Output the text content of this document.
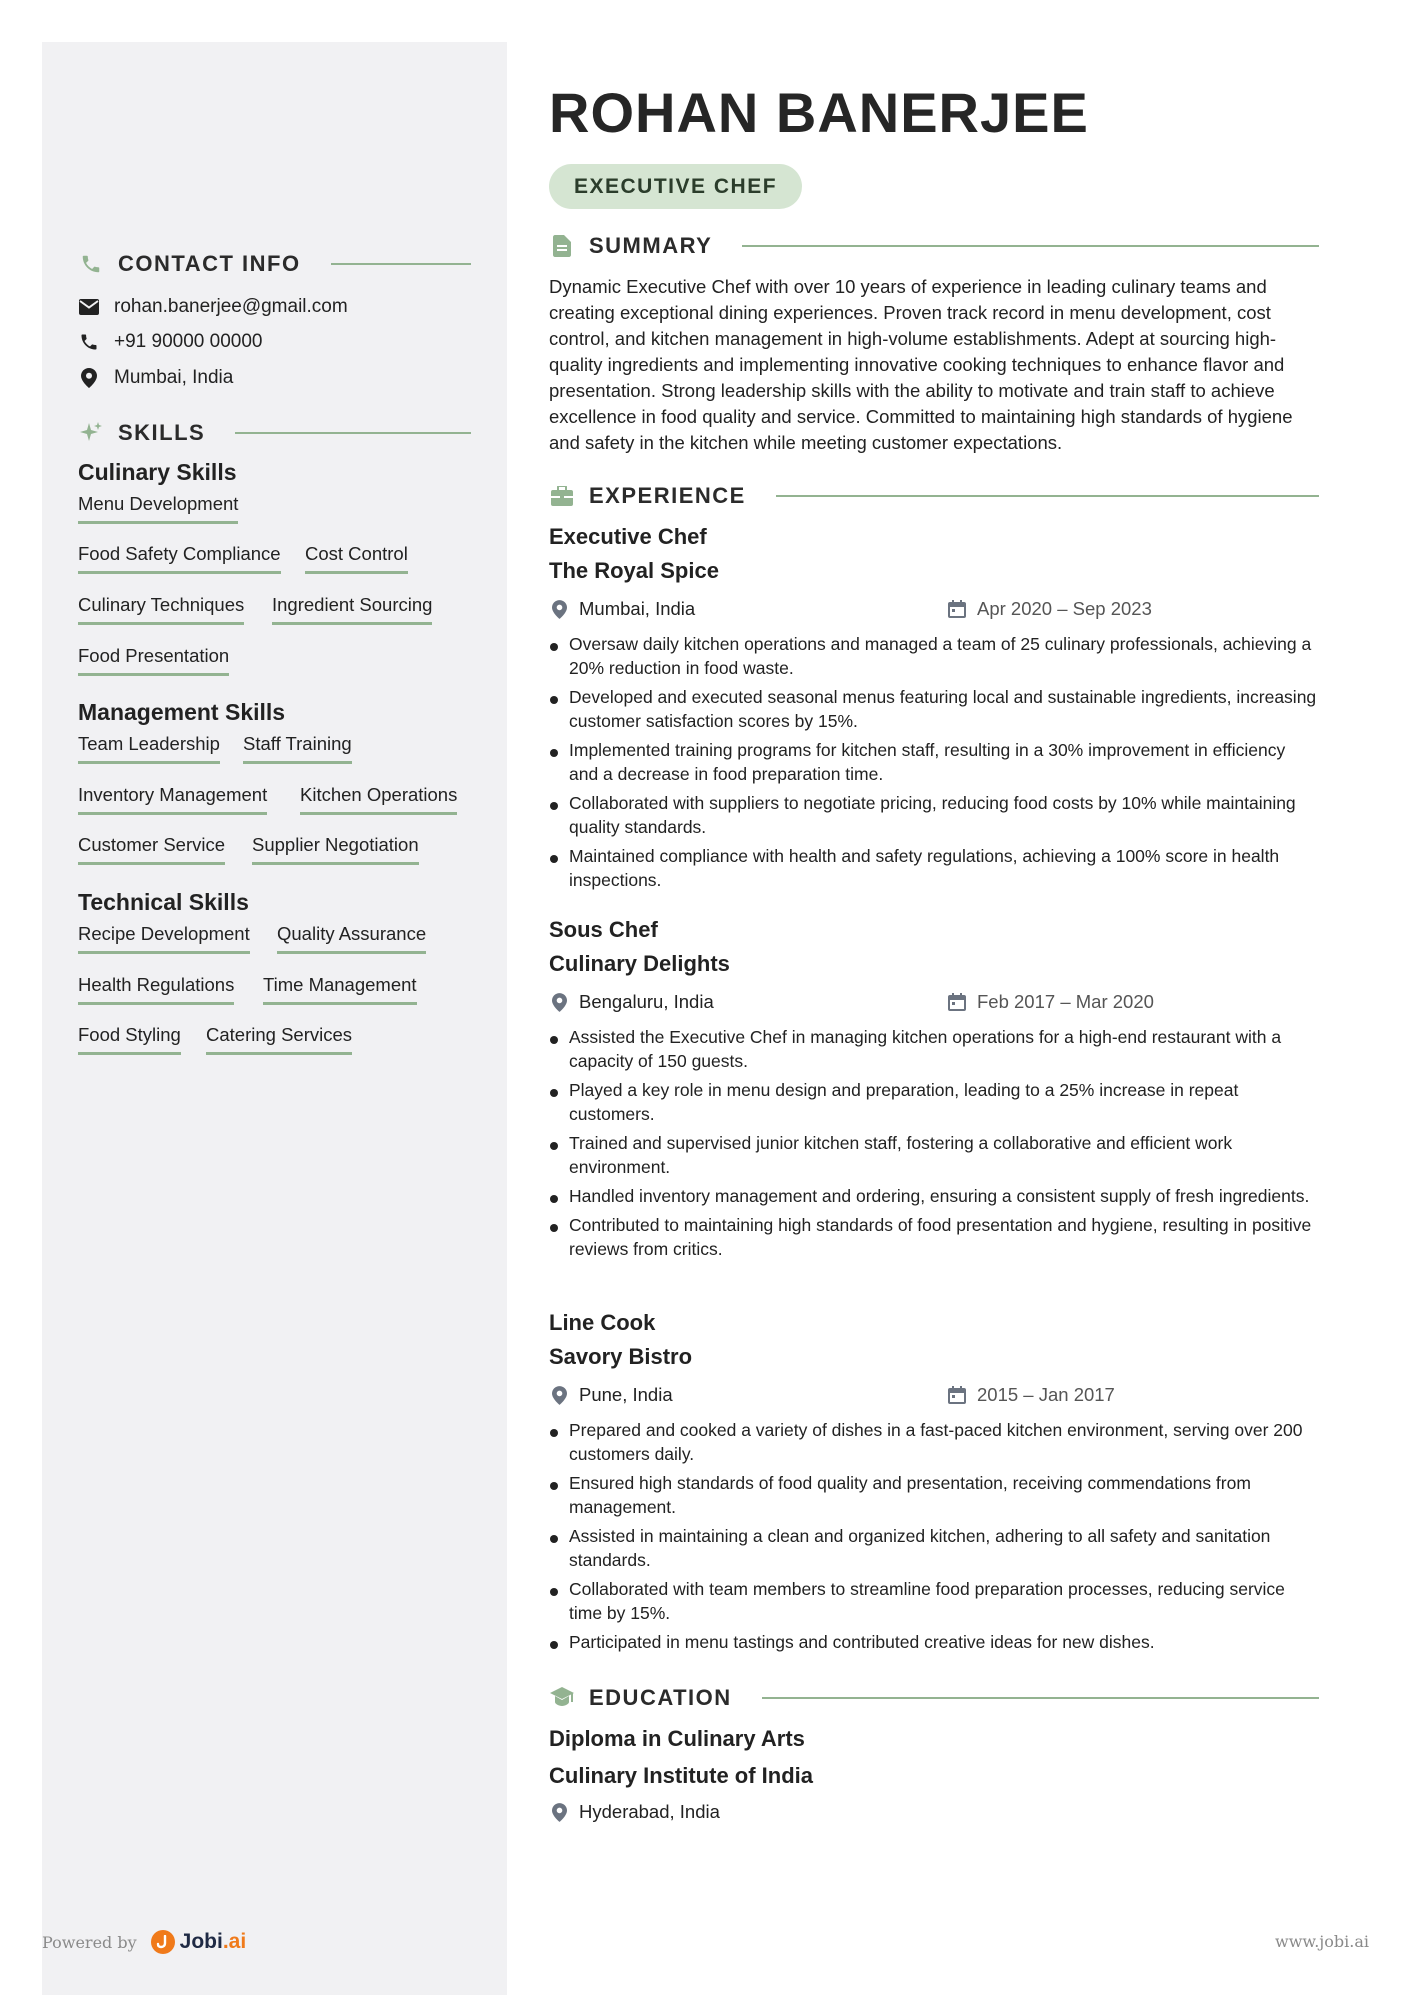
CONTACT INFO
rohan.banerjee@gmail.com
+91 90000 00000
Mumbai, India
SKILLS
Culinary Skills
Menu Development
Food Safety Compliance Cost Control
Culinary Techniques Ingredient Sourcing
Food Presentation
Management Skills
Team Leadership Staff Training
Inventory Management Kitchen Operations
Customer Service Supplier Negotiation
Technical Skills
Recipe Development Quality Assurance
Health Regulations Time Management
Food Styling Catering Services
ROHAN BANERJEE
EXECUTIVE CHEF
SUMMARY
Dynamic Executive Chef with over 10 years of experience in leading culinary teams and creating exceptional dining experiences. Proven track record in menu development, cost control, and kitchen management in high-volume establishments. Adept at sourcing high-quality ingredients and implementing innovative cooking techniques to enhance flavor and presentation. Strong leadership skills with the ability to motivate and train staff to achieve excellence in food quality and service. Committed to maintaining high standards of hygiene and safety in the kitchen while meeting customer expectations.
EXPERIENCE
Executive Chef
The Royal Spice
Mumbai, India	Apr 2020 – Sep 2023
Oversaw daily kitchen operations and managed a team of 25 culinary professionals, achieving a 20% reduction in food waste.
Developed and executed seasonal menus featuring local and sustainable ingredients, increasing customer satisfaction scores by 15%.
Implemented training programs for kitchen staff, resulting in a 30% improvement in efficiency and a decrease in food preparation time.
Collaborated with suppliers to negotiate pricing, reducing food costs by 10% while maintaining quality standards.
Maintained compliance with health and safety regulations, achieving a 100% score in health inspections.
Sous Chef
Culinary Delights
Bengaluru, India	Feb 2017 – Mar 2020
Assisted the Executive Chef in managing kitchen operations for a high-end restaurant with a capacity of 150 guests.
Played a key role in menu design and preparation, leading to a 25% increase in repeat customers.
Trained and supervised junior kitchen staff, fostering a collaborative and efficient work environment.
Handled inventory management and ordering, ensuring a consistent supply of fresh ingredients.
Contributed to maintaining high standards of food presentation and hygiene, resulting in positive reviews from critics.
Line Cook
Savory Bistro
Pune, India	2015 – Jan 2017
Prepared and cooked a variety of dishes in a fast-paced kitchen environment, serving over 200 customers daily.
Ensured high standards of food quality and presentation, receiving commendations from management.
Assisted in maintaining a clean and organized kitchen, adhering to all safety and sanitation standards.
Collaborated with team members to streamline food preparation processes, reducing service time by 15%.
Participated in menu tastings and contributed creative ideas for new dishes.
EDUCATION
Diploma in Culinary Arts
Culinary Institute of India
Hyderabad, India
Powered by Jobi.ai	www.jobi.ai
